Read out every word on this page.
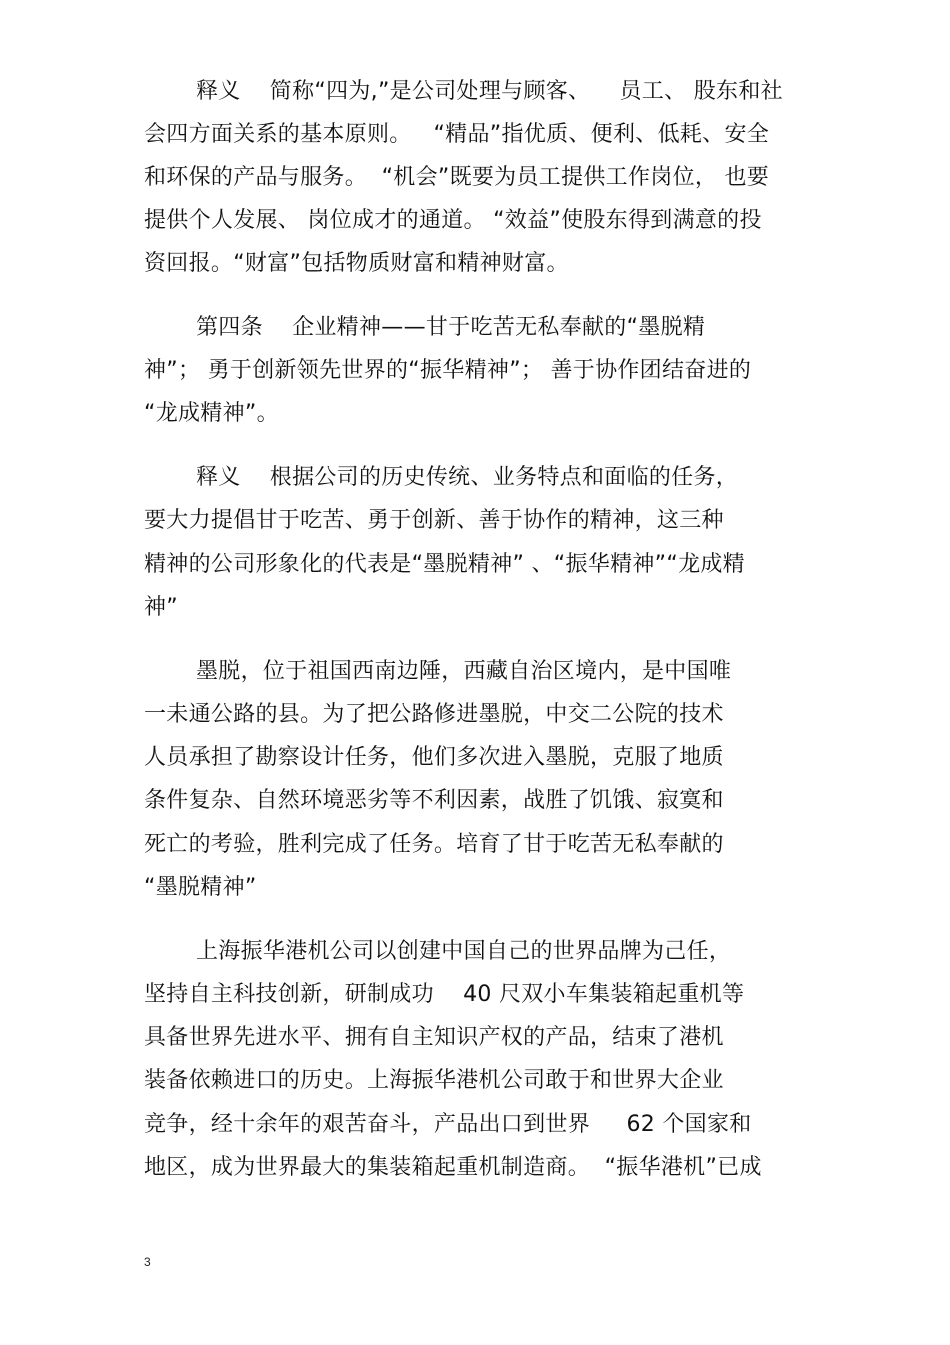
释义    简称“四为,”是公司处理与顾客、    员工、 股东和社
会四方面关系的基本原则。   “精品”指优质、便利、低耗、安全
和环保的产品与服务。  “机会”既要为员工提供工作岗位， 也要
提供个人发展、 岗位成才的通道。 “效益”使股东得到满意的投
资回报。“财富”包括物质财富和精神财富。
第四条    企业精神——甘于吃苦无私奉献的“墨脱精
神”； 勇于创新领先世界的“振华精神”； 善于协作团结奋进的
“龙成精神”。
释义    根据公司的历史传统、业务特点和面临的任务，
要大力提倡甘于吃苦、勇于创新、善于协作的精神，这三种
精神的公司形象化的代表是“墨脱精神” 、“振华精神”“龙成精
神”
墨脱，位于祖国西南边陲，西藏自治区境内，是中国唯
一未通公路的县。为了把公路修进墨脱，中交二公院的技术
人员承担了勘察设计任务，他们多次进入墨脱，克服了地质
条件复杂、自然环境恶劣等不利因素，战胜了饥饿、寂寞和
死亡的考验，胜利完成了任务。培育了甘于吃苦无私奉献的
“墨脱精神”
上海振华港机公司以创建中国自己的世界品牌为己任，
坚持自主科技创新，研制成功    40 尺双小车集装箱起重机等
具备世界先进水平、拥有自主知识产权的产品，结束了港机
装备依赖进口的历史。上海振华港机公司敢于和世界大企业
竞争，经十余年的艰苦奋斗，产品出口到世界     62 个国家和
地区，成为世界最大的集装箱起重机制造商。  “振华港机”已成
3
